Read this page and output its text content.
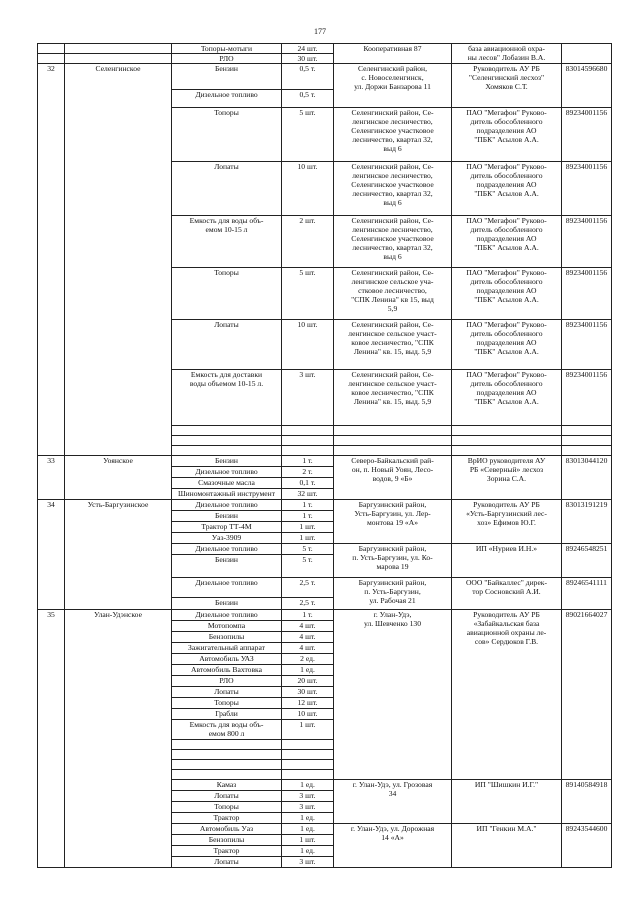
177
		Топоры-мотыги	24 шт.	Кооперативная 87	база авиационной охра-
ны лесов" Лобазин В.А.	
		РЛО	30 шт.			
32	Селенгинское	Бензин	0,5 т.	Селенгинский район,
с. Новоселенгинск,
ул. Доржи Банзарова 11	Руководитель АУ РБ
"Селенгинский лесхоз"
Хомяков С.Т.	83014596680
		Дизельное топливо	0,5 т.			
		Топоры	5 шт.	Селенгинский район, Се-
ленгинское лесничество,
Селенгинское участковое
лесничество, квартал 32,
выд 6	ПАО "Мегафон" Руково-
дитель обособленного
подразделения АО
"ПБК" Асылов А.А.	89234001156
		Лопаты	10 шт.	Селенгинский район, Се-
ленгинское лесничество,
Селенгинское участковое
лесничество, квартал 32,
выд 6	ПАО "Мегафон" Руково-
дитель обособленного
подразделения АО
"ПБК" Асылов А.А.	89234001156
		Емкость для воды объ-
емом 10-15 л	2 шт.	Селенгинский район, Се-
ленгинское лесничество,
Селенгинское участковое
лесничество, квартал 32,
выд 6	ПАО "Мегафон" Руково-
дитель обособленного
подразделения АО
"ПБК" Асылов А.А.	89234001156
		Топоры	5 шт.	Селенгинский район, Се-
ленгинское сельское уча-
стковое лесничество,
"СПК Ленина" кв 15, выд
5,9	ПАО "Мегафон" Руково-
дитель обособленного
подразделения АО
"ПБК" Асылов А.А.	89234001156
		Лопаты	10 шт.	Селенгинский район, Се-
ленгинское сельское участ-
ковое лесничество, "СПК
Ленина" кв. 15, выд. 5,9	ПАО "Мегафон" Руково-
дитель обособленного
подразделения АО
"ПБК" Асылов А.А.	89234001156
		Емкость для доставки
воды объемом 10-15 л.	3 шт.	Селенгинский район, Се-
ленгинское сельское участ-
ковое лесничество, "СПК
Ленина" кв. 15, выд. 5,9	ПАО "Мегафон" Руково-
дитель обособленного
подразделения АО
"ПБК" Асылов А.А.	89234001156

33	Уоянское	Бензин	1 т.	Северо-Байкальский рай-
он, п. Новый Уоян, Лесо-
водов, 9 «Б»	ВрИО руководителя АУ
РБ «Северный» лесхоз
Зорина С.А.	83013044120
		Дизельное топливо	2 т.			
		Смазочные масла	0,1 т.			
		Шиномонтажный инструмент	32 шт.			
34	Усть-Баргузинское	Дизельное топливо	1 т.	Баргузинский район,
Усть-Баргузин, ул. Лер-
монтова 19 «А»	Руководитель АУ РБ
«Усть-Баргузинский лес-
хоз» Ефимов Ю.Г.	83013191219
		Бензин	1 т.			
		Трактор ТТ-4М	1 шт.			
		Уаз-3909	1 шт.			
		Дизельное топливо	5 т.	Баргузинский район,
п. Усть-Баргузин, ул. Ко-
марова 19	ИП «Нуриев И.Н.»	89246548251
		Бензин	5 т.			
		Дизельное топливо	2,5 т.	Баргузинский район,
п. Усть-Баргузин,
ул. Рабочая 21	ООО "Байкаллес" дирек-
тор Сосновский А.И.	89246541111
		Бензин	2,5 т.			
35	Улан-Удэнское	Дизельное топливо	1 т.	г. Улан-Удэ,
ул. Шевченко 130	Руководитель АУ РБ
«Забайкальская база
авиационной охраны ле-
сов» Сердюков Г.В.	89021664027
		Мотопомпа	4 шт.			
		Бензопилы	4 шт.			
		Зажигательный аппарат	4 шт.			
		Автомобиль УАЗ	2 ед.			
		Автомобиль Вахтовка	1 ед.			
		РЛО	20 шт.			
		Лопаты	30 шт.			
		Топоры	12 шт.			
		Грабли	10 шт.			
		Емкость для воды объ-
емом 800 л	1 шт.			

		Камаз	1 ед.	г. Улан-Удэ, ул. Грозовая
34	ИП "Шишкин И.Г."	89140584918
		Лопаты	3 шт.			
		Топоры	3 шт.			
		Трактор	1 ед.			
		Автомобиль Уаз	1 ед.	г. Улан-Удэ, ул. Дорожная
14 «А»	ИП "Генкин М.А."	89243544600
		Бензопилы	1 шт.			
		Трактор	1 ед.			
		Лопаты	3 шт.			
